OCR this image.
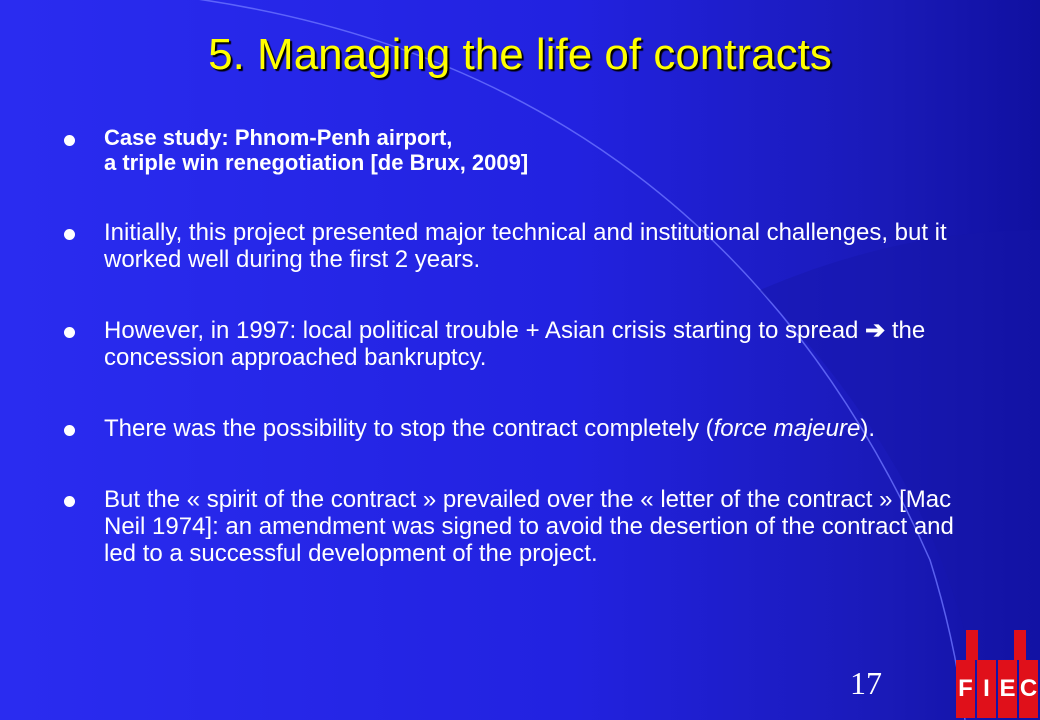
5. Managing the life of contracts
Case study: Phnom-Penh airport,
a triple win renegotiation [de Brux, 2009]
Initially, this project presented major technical and institutional challenges, but it worked well during the first 2 years.
However, in 1997: local political trouble + Asian crisis starting to spread ➔ the concession approached bankruptcy.
There was the possibility to stop the contract completely (force majeure).
But the « spirit of the contract » prevailed over the « letter of the contract » [Mac Neil 1974]: an amendment was signed to avoid the desertion of the contract and led to a successful development of the project.
17	F I E C
